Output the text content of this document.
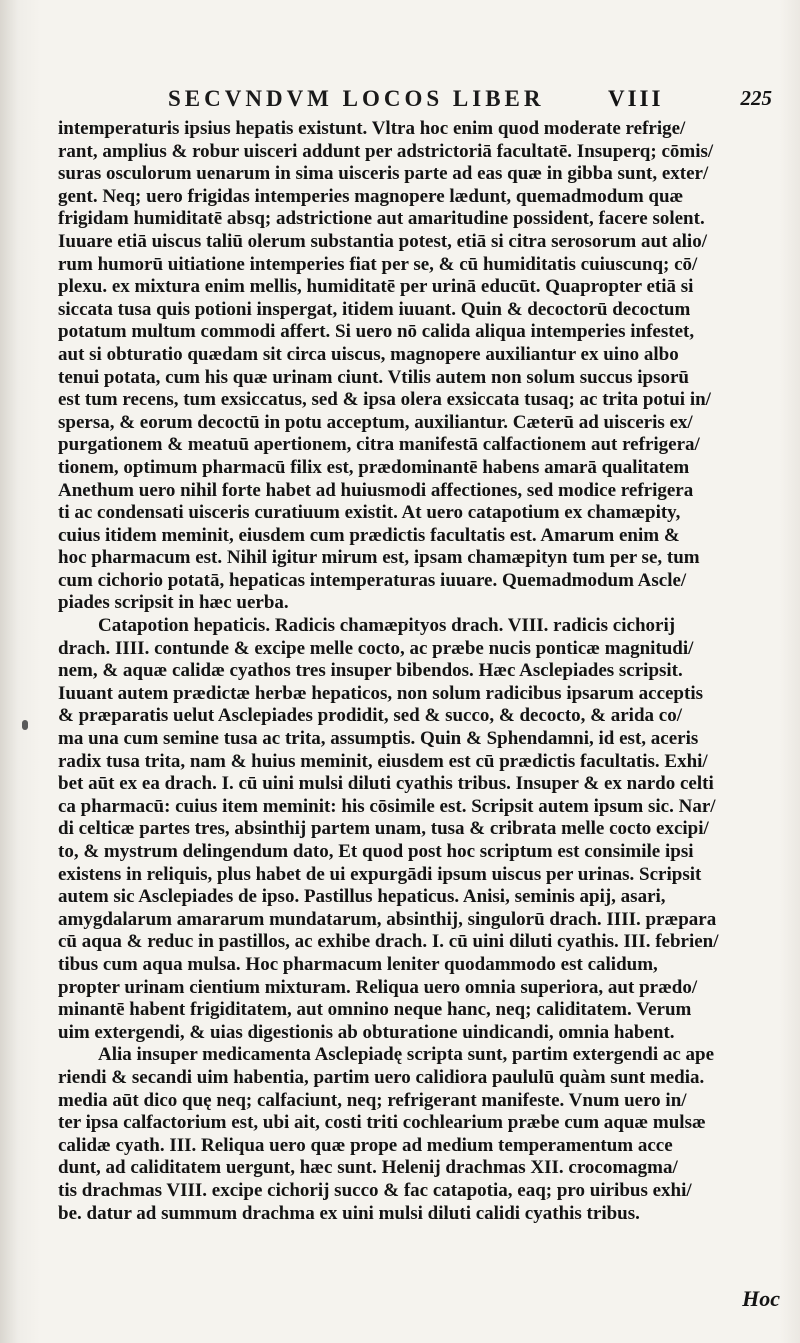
SECVNDVM LOCOS LIBER	VIII	225
intemperaturis ipsius hepatis existunt. Vltra hoc enim quod moderate refrige/
rant, amplius & robur uisceri addunt per adstrictoriā facultatē. Insuperq; cōmis/
suras osculorum uenarum in sima uisceris parte ad eas quæ in gibba sunt, exter/
gent. Neq; uero frigidas intemperies magnopere lædunt, quemadmodum quæ
frigidam humiditatē absq; adstrictione aut amaritudine possident, facere solent.
Iuuare etiā uiscus taliū olerum substantia potest, etiā si citra serosorum aut alio/
rum humorū uitiatione intemperies fiat per se, & cū humiditatis cuiuscunq; cō/
plexu. ex mixtura enim mellis, humiditatē per urinā educūt. Quapropter etiā si
siccata tusa quis potioni inspergat, itidem iuuant. Quin & decoctorū decoctum
potatum multum commodi affert. Si uero nō calida aliqua intemperies infestet,
aut si obturatio quædam sit circa uiscus, magnopere auxiliantur ex uino albo
tenui potata, cum his quæ urinam ciunt. Vtilis autem non solum succus ipsorū
est tum recens, tum exsiccatus, sed & ipsa olera exsiccata tusaq; ac trita potui in/
spersa, & eorum decoctū in potu acceptum, auxiliantur. Cæterū ad uisceris ex/
purgationem & meatuū apertionem, citra manifestā calfactionem aut refrigera/
tionem, optimum pharmacū filix est, prædominantē habens amarā qualitatem
Anethum uero nihil forte habet ad huiusmodi affectiones, sed modice refrigera
ti ac condensati uisceris curatiuum existit. At uero catapotium ex chamæpity,
cuius itidem meminit, eiusdem cum prædictis facultatis est. Amarum enim &
hoc pharmacum est. Nihil igitur mirum est, ipsam chamæpityn tum per se, tum
cum cichorio potatā, hepaticas intemperaturas iuuare. Quemadmodum Ascle/
piades scripsit in hæc uerba.
Catapotion hepaticis. Radicis chamæpityos drach. VIII. radicis cichorij
drach. IIII. contunde & excipe melle cocto, ac præbe nucis ponticæ magnitudi/
nem, & aquæ calidæ cyathos tres insuper bibendos. Hæc Asclepiades scripsit.
Iuuant autem prædictæ herbæ hepaticos, non solum radicibus ipsarum acceptis
& præparatis uelut Asclepiades prodidit, sed & succo, & decocto, & arida co/
ma una cum semine tusa ac trita, assumptis. Quin & Sphendamni, id est, aceris
radix tusa trita, nam & huius meminit, eiusdem est cū prædictis facultatis. Exhi/
bet aūt ex ea drach. I. cū uini mulsi diluti cyathis tribus. Insuper & ex nardo celti
ca pharmacū: cuius item meminit: his cōsimile est. Scripsit autem ipsum sic. Nar/
di celticæ partes tres, absinthij partem unam, tusa & cribrata melle cocto excipi/
to, & mystrum delingendum dato, Et quod post hoc scriptum est consimile ipsi
existens in reliquis, plus habet de ui expurgādi ipsum uiscus per urinas. Scripsit
autem sic Asclepiades de ipso. Pastillus hepaticus. Anisi, seminis apij, asari,
amygdalarum amararum mundatarum, absinthij, singulorū drach. IIII. præpara
cū aqua & reduc in pastillos, ac exhibe drach. I. cū uini diluti cyathis. III. febrien/
tibus cum aqua mulsa. Hoc pharmacum leniter quodammodo est calidum,
propter urinam cientium mixturam. Reliqua uero omnia superiora, aut prædo/
minantē habent frigiditatem, aut omnino neque hanc, neq; caliditatem. Verum
uim extergendi, & uias digestionis ab obturatione uindicandi, omnia habent.
Alia insuper medicamenta Asclepiadę scripta sunt, partim extergendi ac ape
riendi & secandi uim habentia, partim uero calidiora paululū quàm sunt media.
media aūt dico quę neq; calfaciunt, neq; refrigerant manifeste. Vnum uero in/
ter ipsa calfactorium est, ubi ait, costi triti cochlearium præbe cum aquæ mulsæ
calidæ cyath. III. Reliqua uero quæ prope ad medium temperamentum acce
dunt, ad caliditatem uergunt, hæc sunt. Helenij drachmas XII. crocomagma/
tis drachmas VIII. excipe cichorij succo & fac catapotia, eaq; pro uiribus exhi/
be. datur ad summum drachma ex uini mulsi diluti calidi cyathis tribus.
Hoc
